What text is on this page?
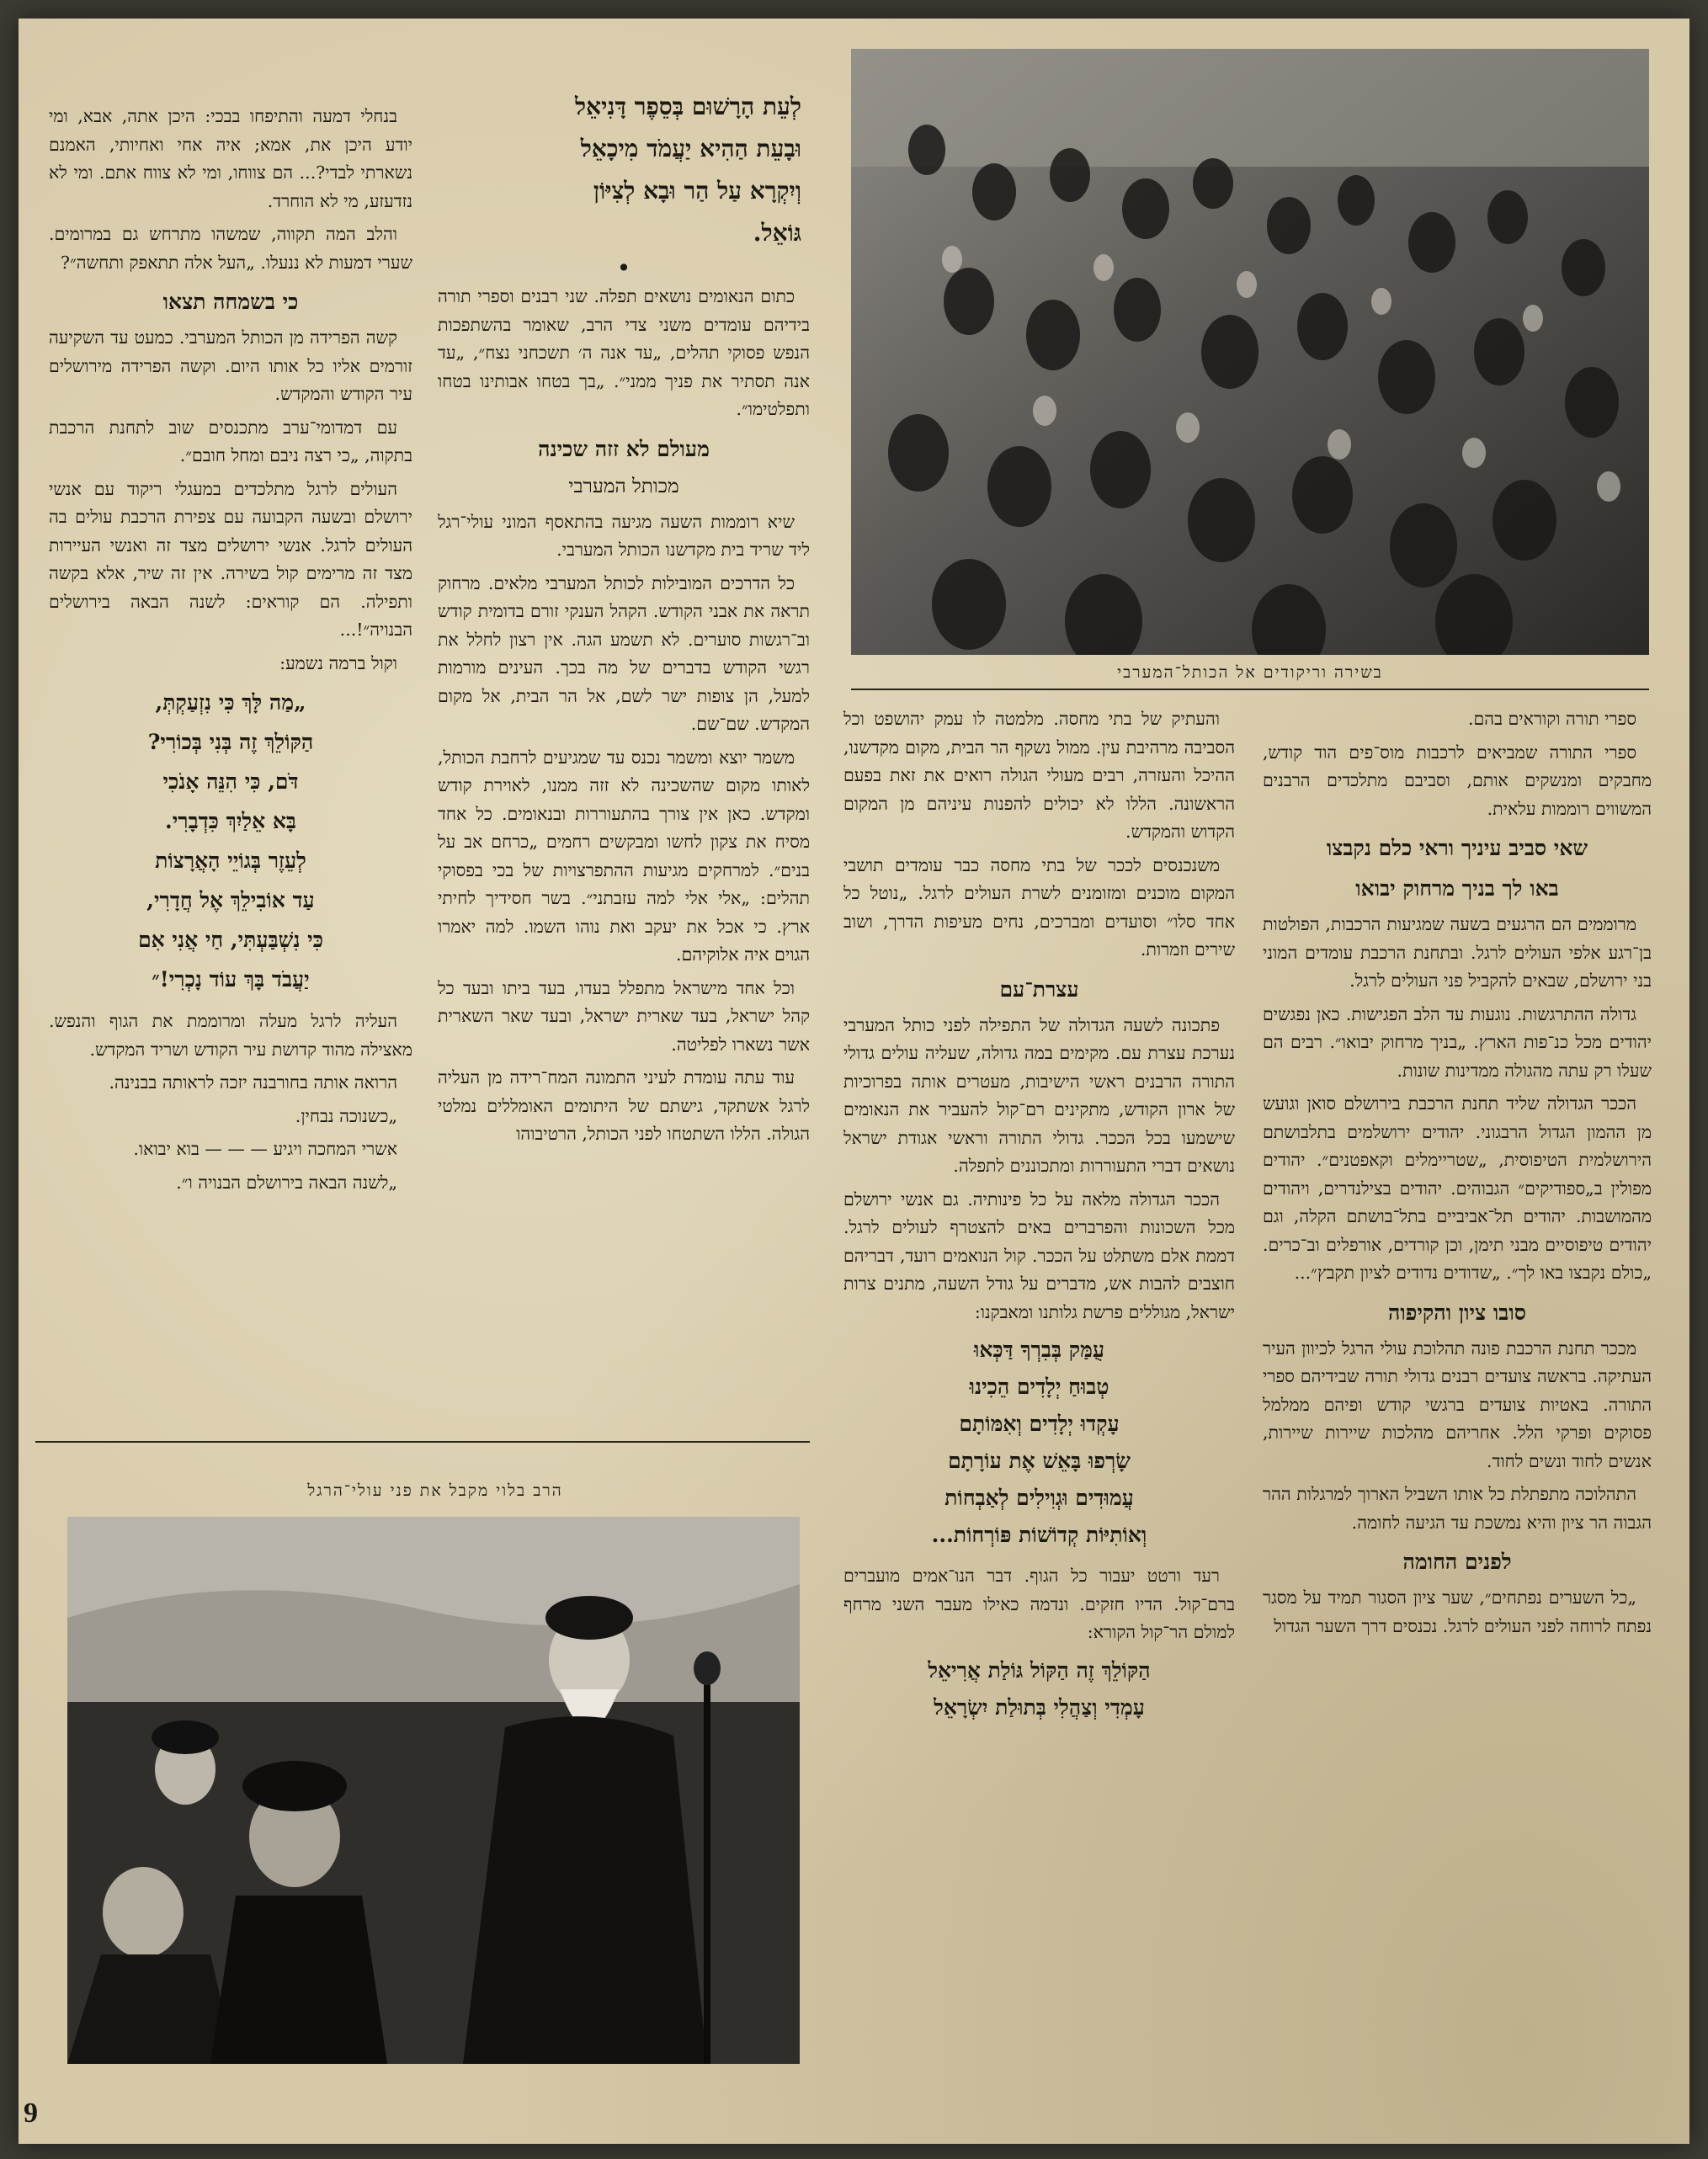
בשירה וריקודים אל הכותל־המערבי
הרב בלוי מקבל את פני עולי־הרגל

בנחלי דמעה והתיפחו בבכי: היכן אתה, אבא, ומי יודע היכן את, אמא; איה אחי ואחיותי, האמנם נשארתי לבדי?... הם צווחו, ומי לא צווח אתם. ומי לא נזדעזע, מי לא הוחרד.

והלב המה תקווה, שמשהו מתרחש גם במרומים. שערי דמעות לא ננעלו. „העל אלה תתאפק ותחשה״?

כי בשמחה תצאו

קשה הפרידה מן הכותל המערבי. כמעט עד השקיעה זורמים אליו כל אותו היום. וקשה הפרידה מירושלים עיר הקודש והמקדש.

עם דמדומי־ערב מתכנסים שוב לתחנת הרכבת בתקוה, „כי רצה ניבם ומחל חובם״.

העולים לרגל מתלכדים במעגלי ריקוד עם אנשי ירושלם ובשעה הקבועה עם צפירת הרכבת עולים בה העולים לרגל. אנשי ירושלים מצד זה ואנשי העיירות מצד זה מרימים קול בשירה. אין זה שיר, אלא בקשה ותפילה. הם קוראים: לשנה הבאה בירושלים הבנויה״!...

וקול ברמה נשמע:

„מַה לָּךְ כִּי נִזְעַקְתְּ,
הַקּוֹלֵךְ זֶה בְּנִי בְּכוֹרִי?
דֹּם, כִּי הִנֵּה אָנֹכִי
בָּא אֵלַיִךְ כִּדְבָרִי.
לְעֵזֶר בְּגוֹיֵי הָאֲרָצוֹת
עַד אוֹבִילֵךְ אֶל חֲדָרִי,
כִּי נִשְׁבַּעְתִּי, חַי אֲנִי אִם
יַעֲבֹד בָּךְ עוֹד נָכְרִי!״

העליה לרגל מעלה ומרוממת את הגוף והנפש. מאצילה מהוד קדושת עיר הקודש ושריד המקדש.

הרואה אותה בחורבנה יזכה לראותה בבנינה.

„כשנוכה נבחין.

אשרי המחכה ויגיע — — — בוא יבואו.

„לשנה הבאה בירושלם הבנויה ו״.

לְעֵת הָרָשׁוּם בְּסֵפֶר דָּנִיאֵל
וּבָעֵת הַהִיא יַעֲמֹד מִיכָאֵל
וְיִקְרָא עַל הַר וּבָא לְצִיּוֹן
גּוֹאֵל.
•

כתום הנאומים נושאים תפלה. שני רבנים וספרי תורה בידיהם עומדים משני צדי הרב, שאומר בהשתפכות הנפש פסוקי תהלים, „עד אנה ה׳ תשכחני נצח״, „עד אנה תסתיר את פניך ממני״. „בך בטחו אבותינו בטחו ותפלטימו״.

מעולם לא זזה שכינה
מכותל המערבי

שיא רוממות השעה מגיעה בהתאסף המוני עולי־רגל ליד שריד בית מקדשנו הכותל המערבי.

כל הדרכים המובילות לכותל המערבי מלאים. מרחוק תראה את אבני הקודש. הקהל הענקי זורם בדומית קודש וב־רגשות סוערים. לא תשמע הגה. אין רצון לחלל את רגשי הקודש בדברים של מה בכך. העינים מורמות למעל, הן צופות ישר לשם, אל הר הבית, אל מקום המקדש. שם־שם.

משמר יוצא ומשמר נכנס עד שמגיעים לרחבת הכותל, לאותו מקום שהשכינה לא זזה ממנו, לאוירת קודש ומקדש. כאן אין צורך בהתעוררות ובנאומים. כל אחד מסיח את צקון לחשו ומבקשים רחמים „כרחם אב על בנים״. למרחקים מגיעות ההתפרצויות של בכי בפסוקי תהלים: „אלי אלי למה עזבתני״. בשר חסידיך לחיתי ארץ. כי אכל את יעקב ואת נוהו השמו. למה יאמרו הגוים איה אלוקיהם.

וכל אחד מישראל מתפלל בעדו, בעד ביתו ובעד כל קהל ישראל, בעד שארית ישראל, ובעד שאר השארית אשר נשארו לפליטה.

עוד עתה עומדת לעיני התמונה המח־רידה מן העליה לרגל אשתקד, גישתם של היתומים האומללים נמלטי הגולה. הללו השתטחו לפני הכותל, הרטיבוהו

והעתיק של בתי מחסה. מלמטה לו עמק יהושפט וכל הסביבה מרהיבת עין. ממול נשקף הר הבית, מקום מקדשנו, ההיכל והעזרה, רבים מעולי הגולה רואים את זאת בפעם הראשונה. הללו לא יכולים להפנות עיניהם מן המקום הקדוש והמקדש.

משנכנסים לככר של בתי מחסה כבר עומדים תושבי המקום מוכנים ומזומנים לשרת העולים לרגל. „נוטל כל אחד סלו״ וסועדים ומברכים, נחים מעיפות הדרך, ושוב שירים וזמרות.

עצרת־עם

פתכונה לשעה הגדולה של התפילה לפני כותל המערבי נערכת עצרת עם. מקימים במה גדולה, שעליה עולים גדולי התורה הרבנים ראשי הישיבות, מעטרים אותה בפרוכיות של ארון הקודש, מתקינים רם־קול להעביר את הנאומים שישמעו בכל הככר. גדולי התורה וראשי אגודת ישראל נושאים דברי התעוררות ומתכוננים לתפלה.

הככר הגדולה מלאה על כל פינותיה. גם אנשי ירושלם מכל השכונות והפרברים באים להצטרף לעולים לרגל. דממת אלם משתלט על הככר. קול הנואמים רועד, דבריהם חוצבים להבות אש, מדברים על גודל השעה, מתנים צרות ישראל, מגוללים פרשת גלותנו ומאבקנו:

עֻמַּק בְּבִרְךָ דַּכְּאוּ
טְבוּחַ יְלָדִים הֵכִינוּ
עָקְדוּ יְלָדִים וְאִמּוֹתָם
שָׂרְפוּ בָּאֵשׁ אֶת עוֹרָתָם
עֲמוּדִים וּגְוִילִים לְאַבְחוֹת
וְאוֹתִיּוֹת קְדוֹשׁוֹת פּוֹרְחוֹת...

רעד ורטט יעבור כל הגוף. דבר הנו־אמים מועברים ברם־קול. הדיו חזקים. ונדמה כאילו מעבר השני מרחף למולם הר־קול הקורא:

הַקּוֹלֵךְ זֶה הַקּוֹל גּוֹלַת אֲרִיאֵל
עָמְדִי וְצַהֲלִי בְּתוּלַת יִשְׂרָאֵל

ספרי תורה וקוראים בהם.

ספרי התורה שמביאים לרכבות מוס־פים הוד קודש, מחבקים ומנשקים אותם, וסביבם מתלכדים הרבנים המשווים רוממות עלאית.

שאי סביב עיניך וראי כלם נקבצו
באו לך בניך מרחוק יבואו

מרוממים הם הרגעים בשעה שמגיעות הרכבות, הפולטות בן־רגע אלפי העולים לרגל. ובתחנת הרכבת עומדים המוני בני ירושלם, שבאים להקביל פני העולים לרגל.

גדולה ההתרגשות. נוגעות עד הלב הפגישות. כאן נפגשים יהודים מכל כנ־פות הארץ. „בניך מרחוק יבואו״. רבים הם שעלו רק עתה מהגולה ממדינות שונות.

הככר הגדולה שליד תחנת הרכבת בירושלם סואן וגועש מן ההמון הגדול הרבגוני. יהודים ירושלמים בתלבושתם הירושלמית הטיפוסית, „שטריימלים וקאפטנים״. יהודים מפולין ב„ספודיקים״ הגבוהים. יהודים בצילנדרים, ויהודים מהמושבות. יהודים תל־אביביים בתל־בושתם הקלה, וגם יהודים טיפוסיים מבני תימן, וכן קורדים, אורפלים וב־כרים. „כולם נקבצו באו לך״. „שדודים נדודים לציון תקבץ״...

סובו ציון והקיפוה

מככר תחנת הרכבת פונה תהלוכת עולי הרגל לכיוון העיר העתיקה. בראשה צועדים רבנים גדולי תורה שבידיהם ספרי התורה. באטיות צועדים ברגשי קודש ופיהם ממלמל פסוקים ופרקי הלל. אחריהם מהלכות שיירות שיירות, אנשים לחוד ונשים לחוד.

התהלוכה מתפתלת כל אותו השביל הארוך למרגלות ההר הגבוה הר ציון והיא נמשכת עד הגיעה לחומה.

לפנים החומה

„כל השערים נפתחים״, שער ציון הסגור תמיד על מסגר נפתח לרוחה לפני העולים לרגל. נכנסים דרך השער הגדול

9
